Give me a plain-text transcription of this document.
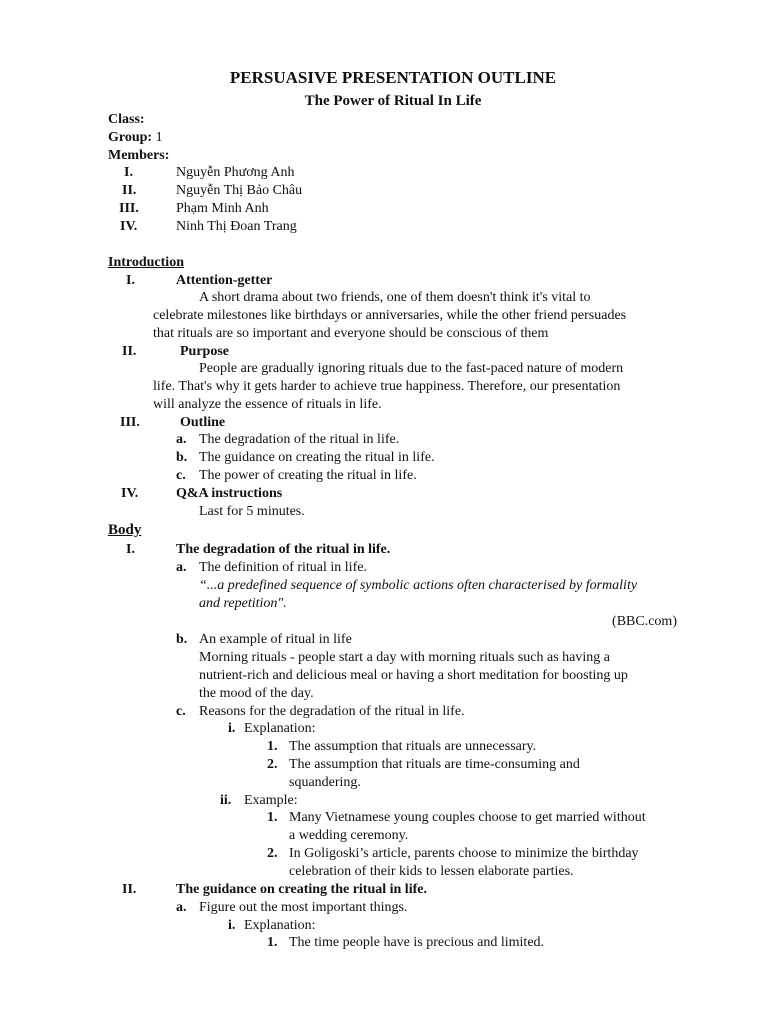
PERSUASIVE PRESENTATION OUTLINE
The Power of Ritual In Life
Class:
Group: 1
Members:
I.	Nguyễn Phương Anh
II.	Nguyễn Thị Bảo Châu
III.	Phạm Minh Anh
IV.	Ninh Thị Đoan Trang
Introduction
I.	Attention-getter
A short drama about two friends, one of them doesn't think it's vital to
celebrate milestones like birthdays or anniversaries, while the other friend persuades
that rituals are so important and everyone should be conscious of them
II.	Purpose
People are gradually ignoring rituals due to the fast-paced nature of modern
life. That's why it gets harder to achieve true happiness. Therefore, our presentation
will analyze the essence of rituals in life.
III.	Outline
a. The degradation of the ritual in life.
b. The guidance on creating the ritual in life.
c. The power of creating the ritual in life.
IV.	Q&A instructions
Last for 5 minutes.
Body
I.	The degradation of the ritual in life.
a. The definition of ritual in life.
“...a predefined sequence of symbolic actions often characterised by formality
and repetition".
(BBC.com)
b. An example of ritual in life
Morning rituals - people start a day with morning rituals such as having a
nutrient-rich and delicious meal or having a short meditation for boosting up
the mood of the day.
c. Reasons for the degradation of the ritual in life.
i. Explanation:
1. The assumption that rituals are unnecessary.
2. The assumption that rituals are time-consuming and
squandering.
ii. Example:
1. Many Vietnamese young couples choose to get married without
a wedding ceremony.
2. In Goligoski’s article, parents choose to minimize the birthday
celebration of their kids to lessen elaborate parties.
II.	The guidance on creating the ritual in life.
a. Figure out the most important things.
i. Explanation:
1. The time people have is precious and limited.
